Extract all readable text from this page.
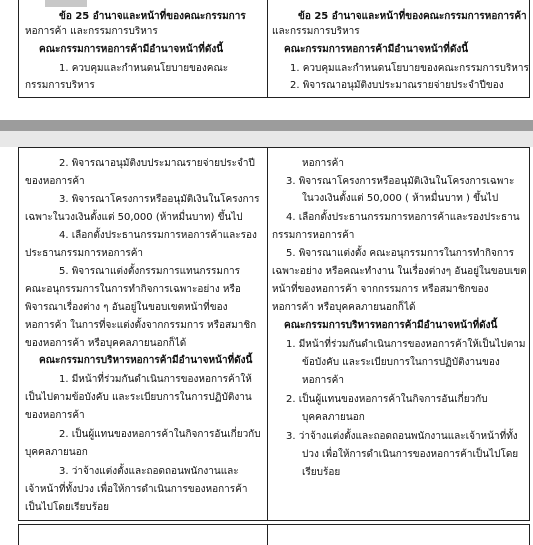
ข้อ 25 อำนาจและหน้าที่ของคณะกรรมการ
หอการค้า และกรรมการบริหาร
คณะกรรมการหอการค้ามีอำนาจหน้าที่ดังนี้
1. ควบคุมและกำหนดนโยบายของคณะ
กรรมการบริหาร
ข้อ 25 อำนาจและหน้าที่ของคณะกรรมการหอการค้า
และกรรมการบริหาร
คณะกรรมการหอการค้ามีอำนาจหน้าที่ดังนี้
1. ควบคุมและกำหนดนโยบายของคณะกรรมการบริหาร
2. พิจารณาอนุมัติงบประมาณรายจ่ายประจำปีของ
2. พิจารณาอนุมัติงบประมาณรายจ่ายประจำปี
ของหอการค้า
3. พิจารณาโครงการหรืออนุมัติเงินในโครงการ
เฉพาะในวงเงินตั้งแต่ 50,000 (ห้าหมื่นบาท) ขึ้นไป
4. เลือกตั้งประธานกรรมการหอการค้าและรอง
ประธานกรรมการหอการค้า
5. พิจารณาแต่งตั้งกรรมการแทนกรรมการ
คณะอนุกรรมการในการทำกิจการเฉพาะอย่าง หรือ
พิจารณาเรื่องต่าง ๆ อันอยู่ในขอบเขตหน้าที่ของ
หอการค้า ในการที่จะแต่งตั้งจากกรรมการ หรือสมาชิก
ของหอการค้า หรือบุคคลภายนอกก็ได้
คณะกรรมการบริหารหอการค้ามีอำนาจหน้าที่ดังนี้
1. มีหน้าที่ร่วมกันดำเนินการของหอการค้าให้
เป็นไปตามข้อบังคับ และระเบียบการในการปฏิบัติงาน
ของหอการค้า
2. เป็นผู้แทนของหอการค้าในกิจการอันเกี่ยวกับ
บุคคลภายนอก
3. ว่าจ้างแต่งตั้งและถอดถอนพนักงานและ
เจ้าหน้าที่ทั้งปวง เพื่อให้การดำเนินการของหอการค้า
เป็นไปโดยเรียบร้อย
หอการค้า
3. พิจารณาโครงการหรืออนุมัติเงินในโครงการเฉพาะ
ในวงเงินตั้งแต่ 50,000 ( ห้าหมื่นบาท ) ขึ้นไป
4. เลือกตั้งประธานกรรมการหอการค้าและรองประธาน
กรรมการหอการค้า
5. พิจารณาแต่งตั้ง คณะอนุกรรมการในการทำกิจการ
เฉพาะอย่าง หรือคณะทำงาน ในเรื่องต่างๆ อันอยู่ในขอบเขต
หน้าที่ของหอการค้า จากกรรมการ หรือสมาชิกของ
หอการค้า หรือบุคคลภายนอกก็ได้
คณะกรรมการบริหารหอการค้ามีอำนาจหน้าที่ดังนี้
1. มีหน้าที่ร่วมกันดำเนินการของหอการค้าให้เป็นไปตาม
ข้อบังคับ และระเบียบการในการปฏิบัติงานของ
หอการค้า
2. เป็นผู้แทนของหอการค้าในกิจการอันเกี่ยวกับ
บุคคลภายนอก
3. ว่าจ้างแต่งตั้งและถอดถอนพนักงานและเจ้าหน้าที่ทั้ง
ปวง เพื่อให้การดำเนินการของหอการค้าเป็นไปโดย
เรียบร้อย
